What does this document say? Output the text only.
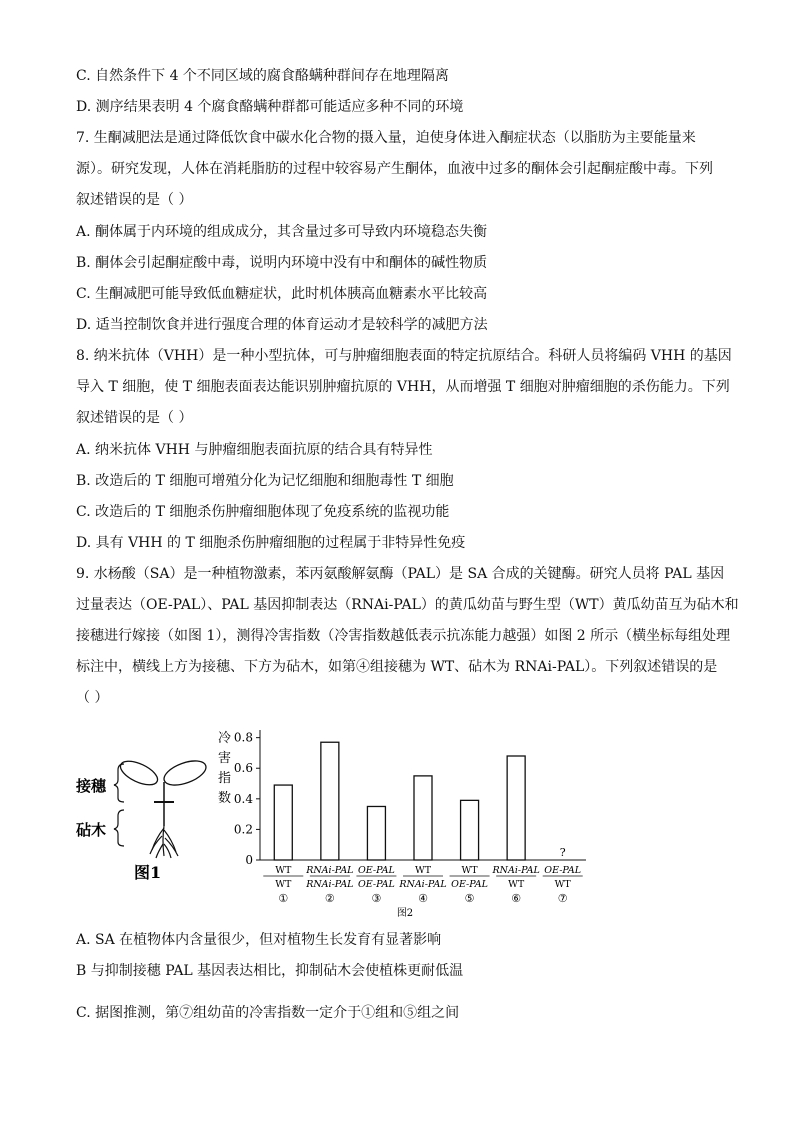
C. 自然条件下 4 个不同区域的腐食酪螨种群间存在地理隔离
D. 测序结果表明 4 个腐食酪螨种群都可能适应多种不同的环境
7. 生酮减肥法是通过降低饮食中碳水化合物的摄入量，迫使身体进入酮症状态（以脂肪为主要能量来
源）。研究发现，人体在消耗脂肪的过程中较容易产生酮体，血液中过多的酮体会引起酮症酸中毒。下列
叙述错误的是（ ）
A. 酮体属于内环境的组成成分，其含量过多可导致内环境稳态失衡
B. 酮体会引起酮症酸中毒，说明内环境中没有中和酮体的碱性物质
C. 生酮减肥可能导致低血糖症状，此时机体胰高血糖素水平比较高
D. 适当控制饮食并进行强度合理的体育运动才是较科学的减肥方法
8. 纳米抗体（VHH）是一种小型抗体，可与肿瘤细胞表面的特定抗原结合。科研人员将编码 VHH 的基因
导入 T 细胞，使 T 细胞表面表达能识别肿瘤抗原的 VHH，从而增强 T 细胞对肿瘤细胞的杀伤能力。下列
叙述错误的是（ ）
A. 纳米抗体 VHH 与肿瘤细胞表面抗原的结合具有特异性
B. 改造后的 T 细胞可增殖分化为记忆细胞和细胞毒性 T 细胞
C. 改造后的 T 细胞杀伤肿瘤细胞体现了免疫系统的监视功能
D. 具有 VHH 的 T 细胞杀伤肿瘤细胞的过程属于非特异性免疫
9. 水杨酸（SA）是一种植物激素，苯丙氨酸解氨酶（PAL）是 SA 合成的关键酶。研究人员将 PAL 基因
过量表达（OE-PAL）、PAL 基因抑制表达（RNAi-PAL）的黄瓜幼苗与野生型（WT）黄瓜幼苗互为砧木和
接穗进行嫁接（如图 1），测得冷害指数（冷害指数越低表示抗冻能力越强）如图 2 所示（横坐标每组处理
标注中，横线上方为接穗、下方为砧木，如第④组接穗为 WT、砧木为 RNAi-PAL）。下列叙述错误的是
（ ）
接穗
砧木
图1
冷
害
指
数
0
0.2
0.4
0.6
0.8
?
WT
WT
①
RNAi-PAL
RNAi-PAL
②
OE-PAL
OE-PAL
③
WT
RNAi-PAL
④
WT
OE-PAL
⑤
RNAi-PAL
WT
⑥
OE-PAL
WT
⑦
图2
A. SA 在植物体内含量很少，但对植物生长发育有显著影响
B 与抑制接穗 PAL 基因表达相比，抑制砧木会使植株更耐低温
C. 据图推测，第⑦组幼苗的冷害指数一定介于①组和⑤组之间
